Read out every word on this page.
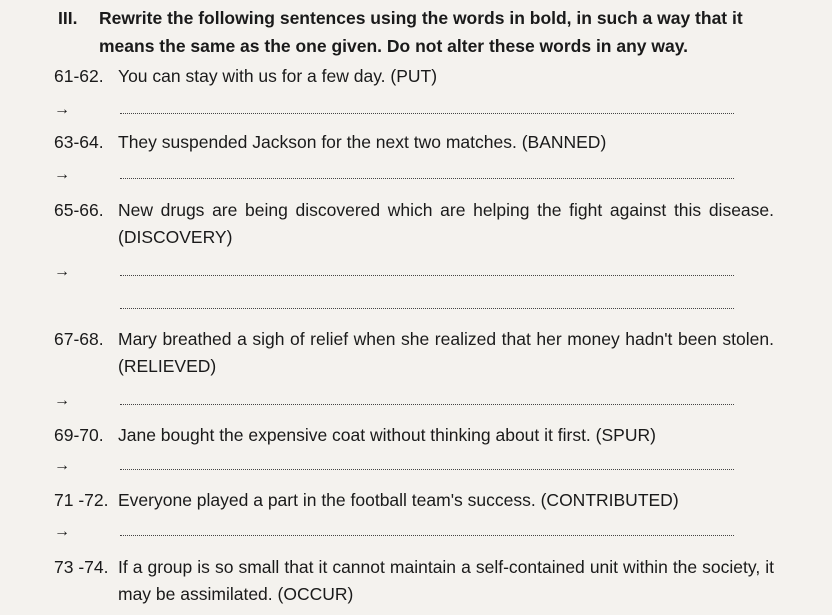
III.	Rewrite the following sentences using the words in bold, in such a way that it means the same as the one given. Do not alter these words in any way.
61-62. You can stay with us for a few day. (PUT)
→
63-64. They suspended Jackson for the next two matches. (BANNED)
→
65-66. New drugs are being discovered which are helping the fight against this disease. (DISCOVERY)
→
67-68. Mary breathed a sigh of relief when she realized that her money hadn't been stolen. (RELIEVED)
→
69-70. Jane bought the expensive coat without thinking about it first. (SPUR)
→
71 -72. Everyone played a part in the football team's success. (CONTRIBUTED)
→
73 -74. If a group is so small that it cannot maintain a self-contained unit within the society, it may be assimilated. (OCCUR)
